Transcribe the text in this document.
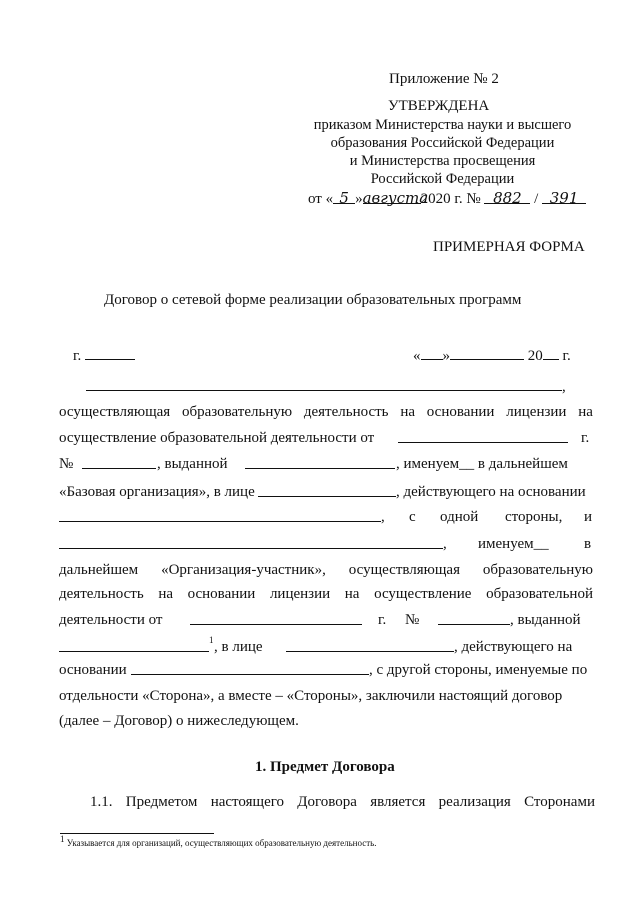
Приложение № 2
УТВЕРЖДЕНА
приказом Министерства науки и высшего
образования Российской Федерации
и Министерства просвещения
Российской Федерации
от « 5 »августа2020 г. № 882 / 391
ПРИМЕРНАЯ ФОРМА
Договор о сетевой форме реализации образовательных программ
г.	« »	20 г.
,
осуществляющая образовательную деятельность на основании лицензии на
осуществление образовательной деятельности от	г.
№	, выданной	, именуем__ в дальнейшем
«Базовая организация», в лице	, действующего на основании
, с одной стороны, и
, именуем__ в
дальнейшем «Организация-участник», осуществляющая образовательную
деятельность на основании лицензии на осуществление образовательной
деятельности от	г. №	, выданной
1 , в лице	, действующего на
основании	, с другой стороны, именуемые по
отдельности «Сторона», а вместе – «Стороны», заключили настоящий договор
(далее – Договор) о нижеследующем.
1. Предмет Договора
1.1. Предметом настоящего Договора является реализация Сторонами
$^1$ Указывается для организаций, осуществляющих образовательную деятельность.
